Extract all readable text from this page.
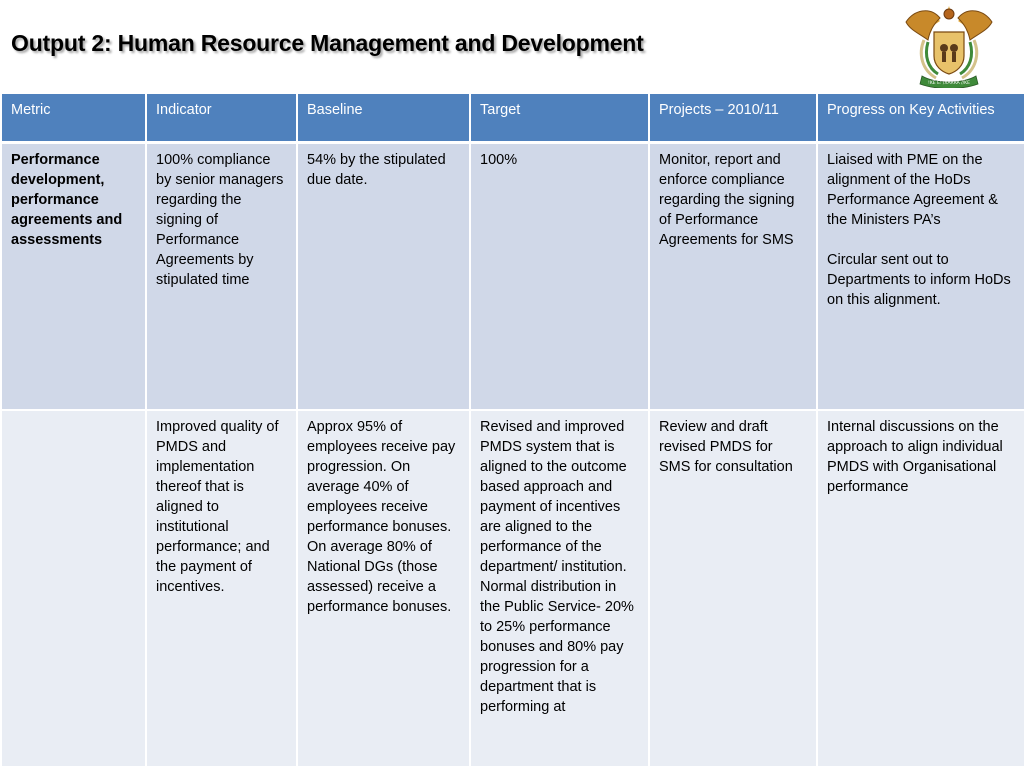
Output 2: Human Resource Management and Development
!KE E: /XARRA //KE
Metric	Indicator	Baseline	Target	Projects – 2010/11	Progress on Key Activities

Performance development, performance agreements and assessments	100% compliance by senior managers regarding the signing of Performance Agreements by stipulated time	54% by the stipulated due date.	100%	Monitor, report and enforce compliance regarding the signing of Performance Agreements for SMS	Liaised with PME on the alignment of the HoDs Performance Agreement & the Ministers PA’s
Circular sent out to Departments to inform HoDs on this alignment.

	Improved quality of PMDS and implementation thereof that is aligned to institutional performance; and the payment of incentives.	Approx 95% of employees receive pay progression. On average 40% of employees receive performance bonuses. On average 80% of National DGs (those assessed) receive a performance bonuses.	Revised and improved PMDS system that is aligned to the outcome based approach and payment of incentives are aligned to the performance of the department/ institution.
Normal distribution in the Public Service- 20% to 25% performance bonuses and 80% pay progression for a department that is performing at	Review and draft revised PMDS for SMS for consultation	Internal discussions on the approach to align individual PMDS with Organisational performance
